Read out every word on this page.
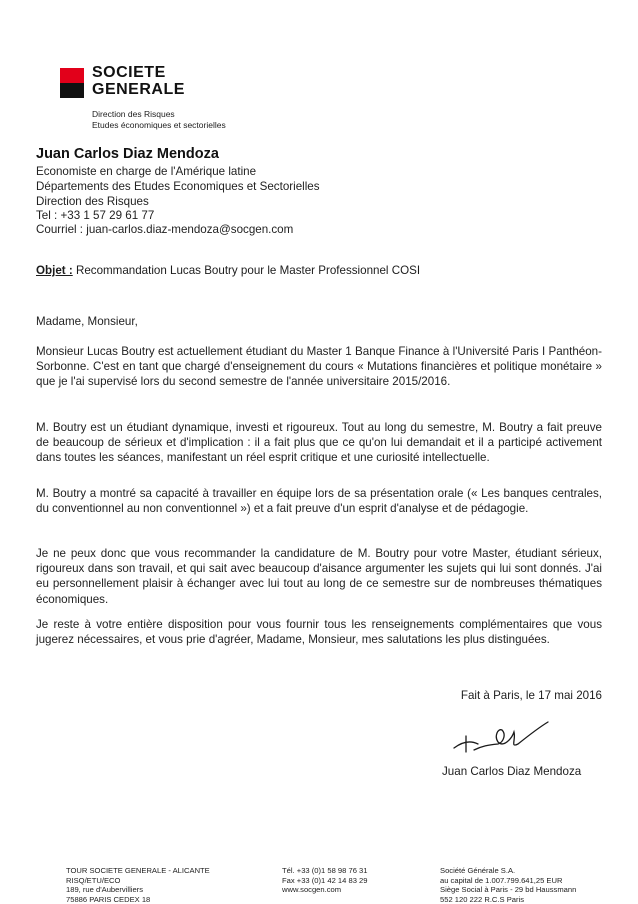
SOCIETE
GENERALE
Direction des Risques
Etudes économiques et sectorielles
Juan Carlos Diaz Mendoza
Economiste en charge de l'Amérique latine
Départements des Etudes Economiques et Sectorielles
Direction des Risques
Tel : +33 1 57 29 61 77
Courriel : juan-carlos.diaz-mendoza@socgen.com
Objet : Recommandation Lucas Boutry pour le Master Professionnel COSI

Madame, Monsieur,

Monsieur Lucas Boutry est actuellement étudiant du Master 1 Banque Finance à l'Université Paris I Panthéon-Sorbonne. C'est en tant que chargé d'enseignement du cours « Mutations financières et politique monétaire » que je l'ai supervisé lors du second semestre de l'année universitaire 2015/2016.

M. Boutry est un étudiant dynamique, investi et rigoureux. Tout au long du semestre, M. Boutry a fait preuve de beaucoup de sérieux et d'implication : il a fait plus que ce qu'on lui demandait et il a participé activement dans toutes les séances, manifestant un réel esprit critique et une curiosité intellectuelle.

M. Boutry a montré sa capacité à travailler en équipe lors de sa présentation orale (« Les banques centrales, du conventionnel au non conventionnel ») et a fait preuve d'un esprit d'analyse et de pédagogie.

Je ne peux donc que vous recommander la candidature de M. Boutry pour votre Master, étudiant sérieux, rigoureux dans son travail, et qui sait avec beaucoup d'aisance argumenter les sujets qui lui sont donnés. J'ai eu personnellement plaisir à échanger avec lui tout au long de ce semestre sur de nombreuses thématiques économiques.

Je reste à votre entière disposition pour vous fournir tous les renseignements complémentaires que vous jugerez nécessaires, et vous prie d'agréer, Madame, Monsieur, mes salutations les plus distinguées.

Fait à Paris, le 17 mai 2016
Juan Carlos Diaz Mendoza
TOUR SOCIETE GENERALE - ALICANTE
RISQ/ETU/ECO
189, rue d'Aubervilliers
75886 PARIS CEDEX 18
Tél. +33 (0)1 58 98 76 31
Fax +33 (0)1 42 14 83 29
www.socgen.com
Société Générale S.A.
au capital de 1.007.799.641,25 EUR
Siège Social à Paris - 29 bd Haussmann
552 120 222 R.C.S Paris
